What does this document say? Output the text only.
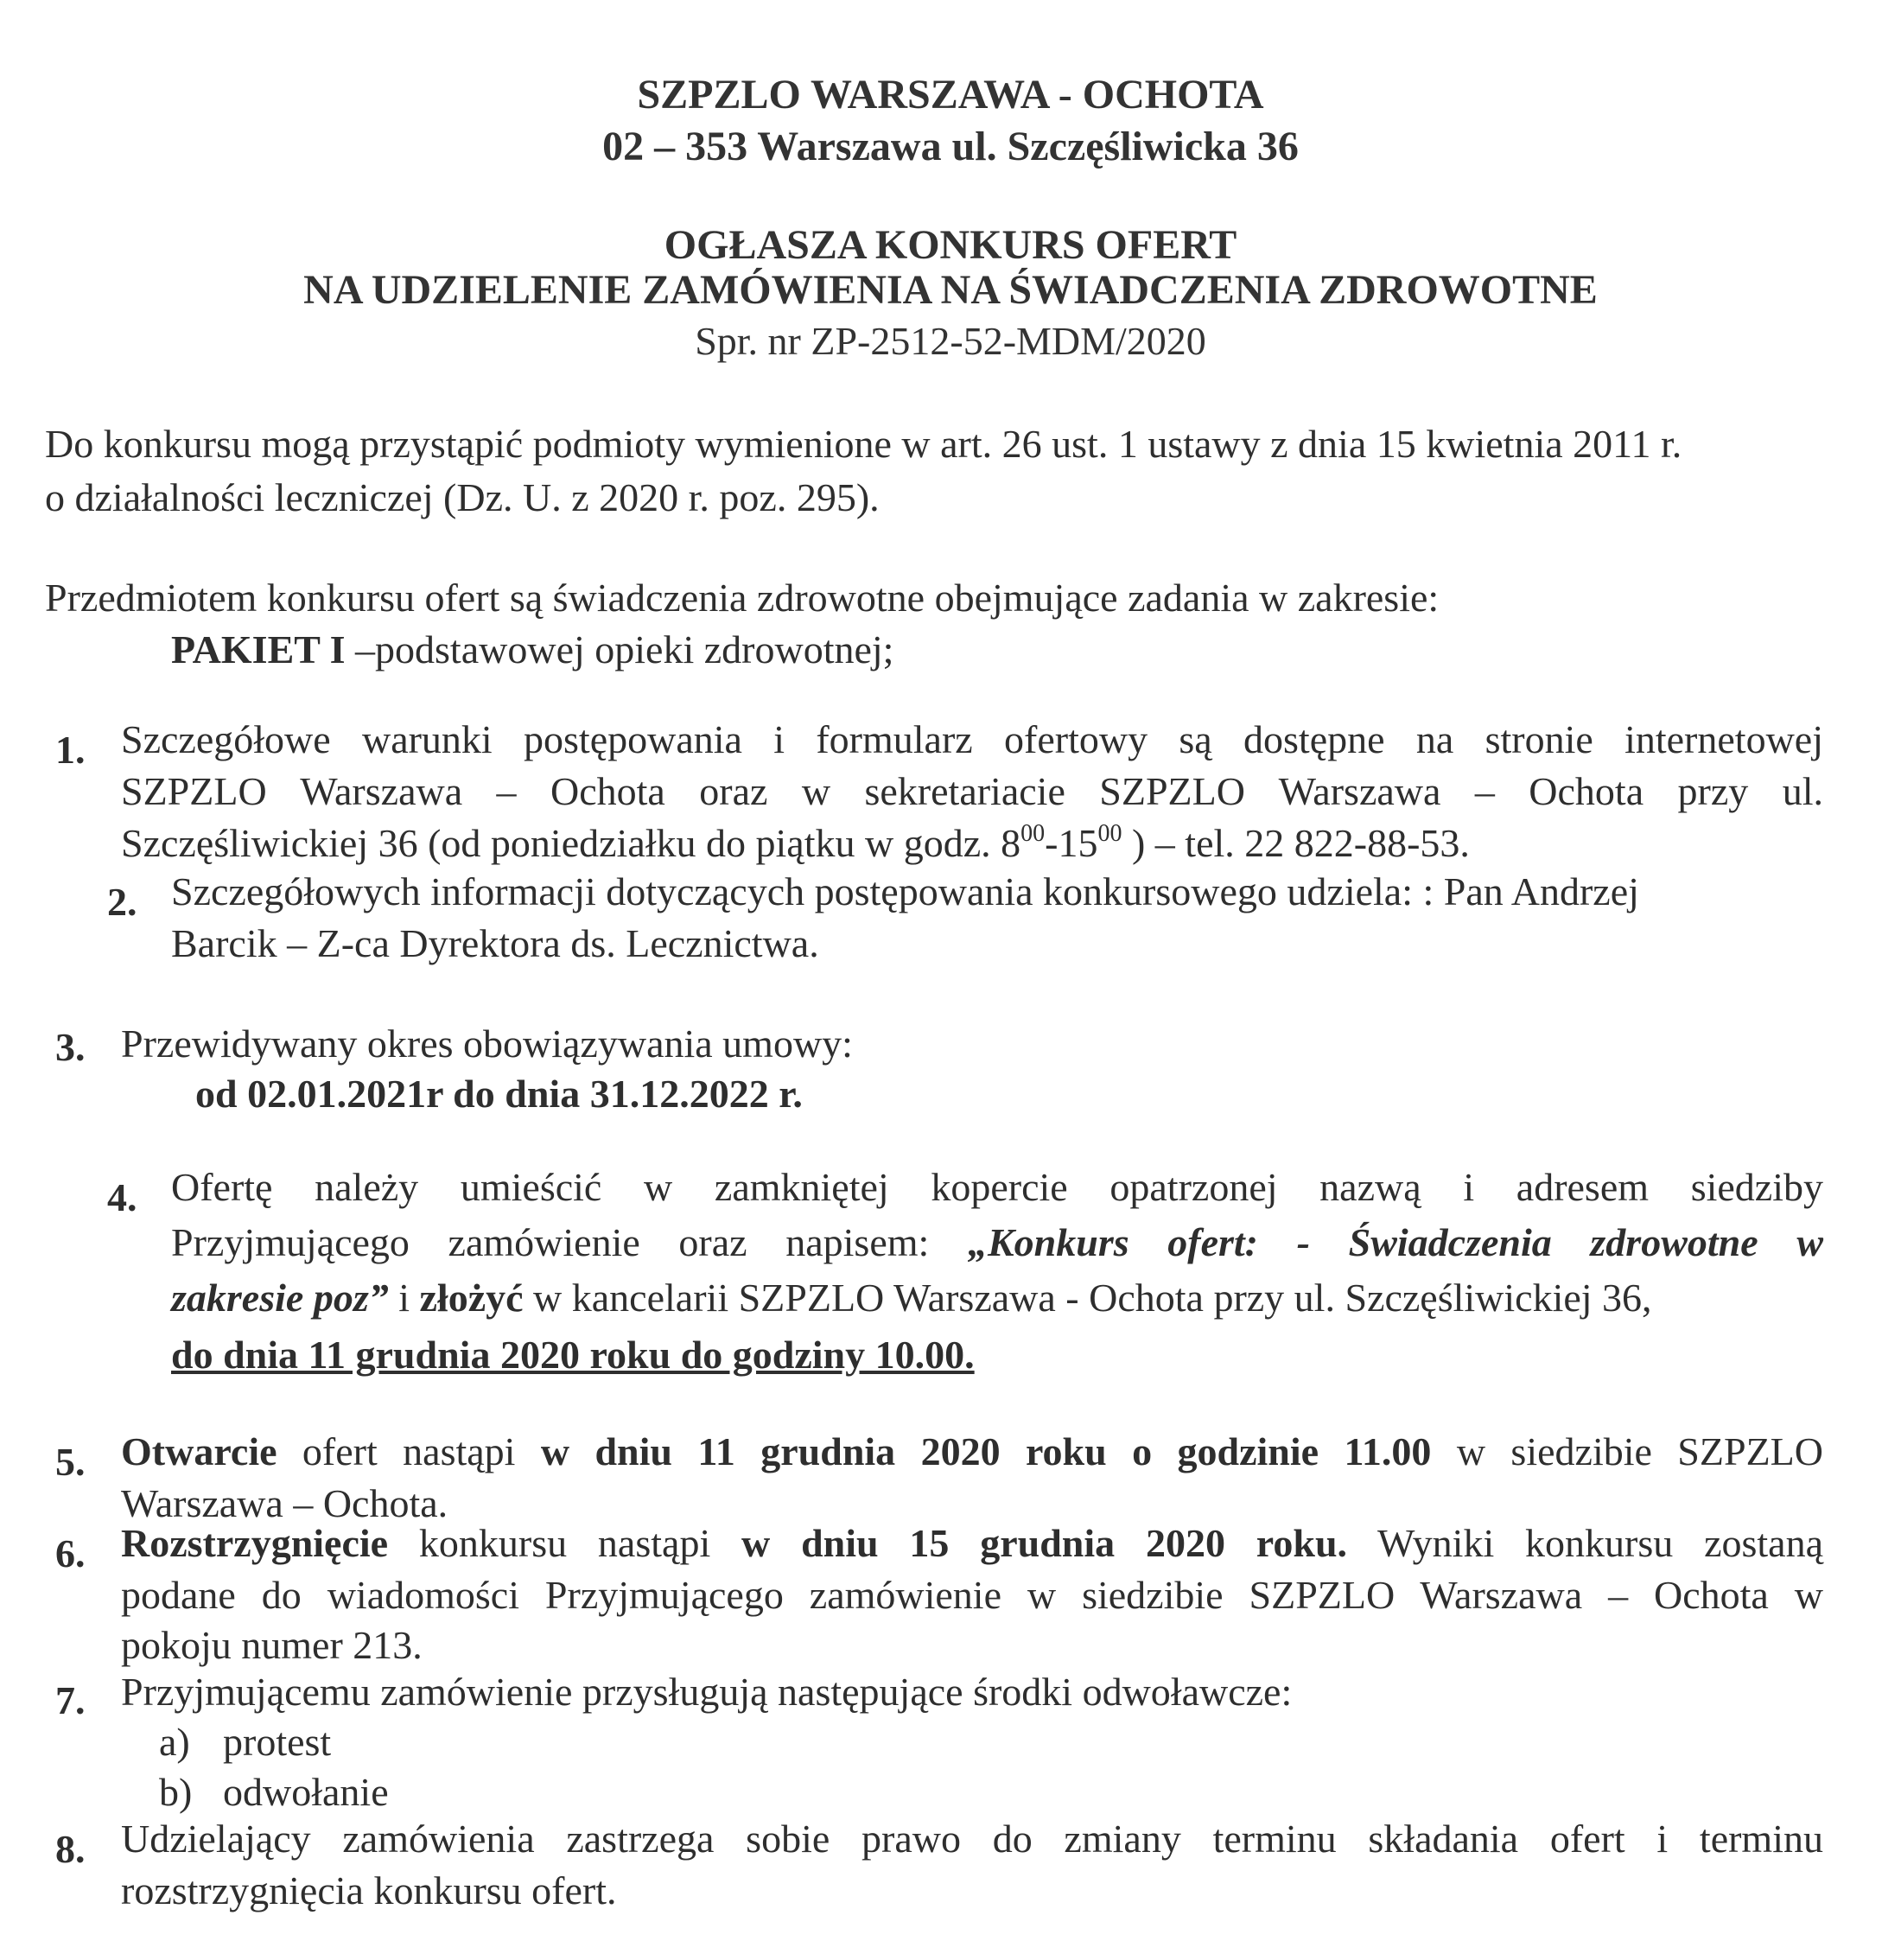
SZPZLO WARSZAWA - OCHOTA
02 – 353 Warszawa ul. Szczęśliwicka 36
OGŁASZA KONKURS OFERT
NA UDZIELENIE ZAMÓWIENIA NA ŚWIADCZENIA ZDROWOTNE
Spr. nr ZP-2512-52-MDM/2020
Do konkursu mogą przystąpić podmioty wymienione w art. 26 ust. 1 ustawy z dnia 15 kwietnia 2011 r.
o działalności leczniczej (Dz. U. z 2020 r. poz. 295).
Przedmiotem konkursu ofert są świadczenia zdrowotne obejmujące zadania w zakresie:
PAKIET I –podstawowej opieki zdrowotnej;
1. Szczegółowe warunki postępowania i formularz ofertowy są dostępne na stronie internetowej
SZPZLO Warszawa – Ochota oraz w sekretariacie SZPZLO Warszawa – Ochota przy ul.
Szczęśliwickiej 36 (od poniedziałku do piątku w godz. $8^{00}-15^{00}$ ) – tel. 22 822-88-53.
2. Szczegółowych informacji dotyczących postępowania konkursowego udziela: : Pan Andrzej
Barcik – Z-ca Dyrektora ds. Lecznictwa.
3. Przewidywany okres obowiązywania umowy:
od 02.01.2021r do dnia 31.12.2022 r.
4. Ofertę należy umieścić w zamkniętej kopercie opatrzonej nazwą i adresem siedziby
Przyjmującego zamówienie oraz napisem: „Konkurs ofert: - Świadczenia zdrowotne w
zakresie poz” i złożyć w kancelarii SZPZLO Warszawa - Ochota przy ul. Szczęśliwickiej 36,
do dnia 11 grudnia 2020 roku do godziny 10.00.
5. Otwarcie ofert nastąpi w dniu 11 grudnia 2020 roku o godzinie 11.00 w siedzibie SZPZLO
Warszawa – Ochota.
6. Rozstrzygnięcie konkursu nastąpi w dniu 15 grudnia 2020 roku. Wyniki konkursu zostaną
podane do wiadomości Przyjmującego zamówienie w siedzibie SZPZLO Warszawa – Ochota w
pokoju numer 213.
7. Przyjmującemu zamówienie przysługują następujące środki odwoławcze:
a) protest
b) odwołanie
8. Udzielający zamówienia zastrzega sobie prawo do zmiany terminu składania ofert i terminu
rozstrzygnięcia konkursu ofert.
